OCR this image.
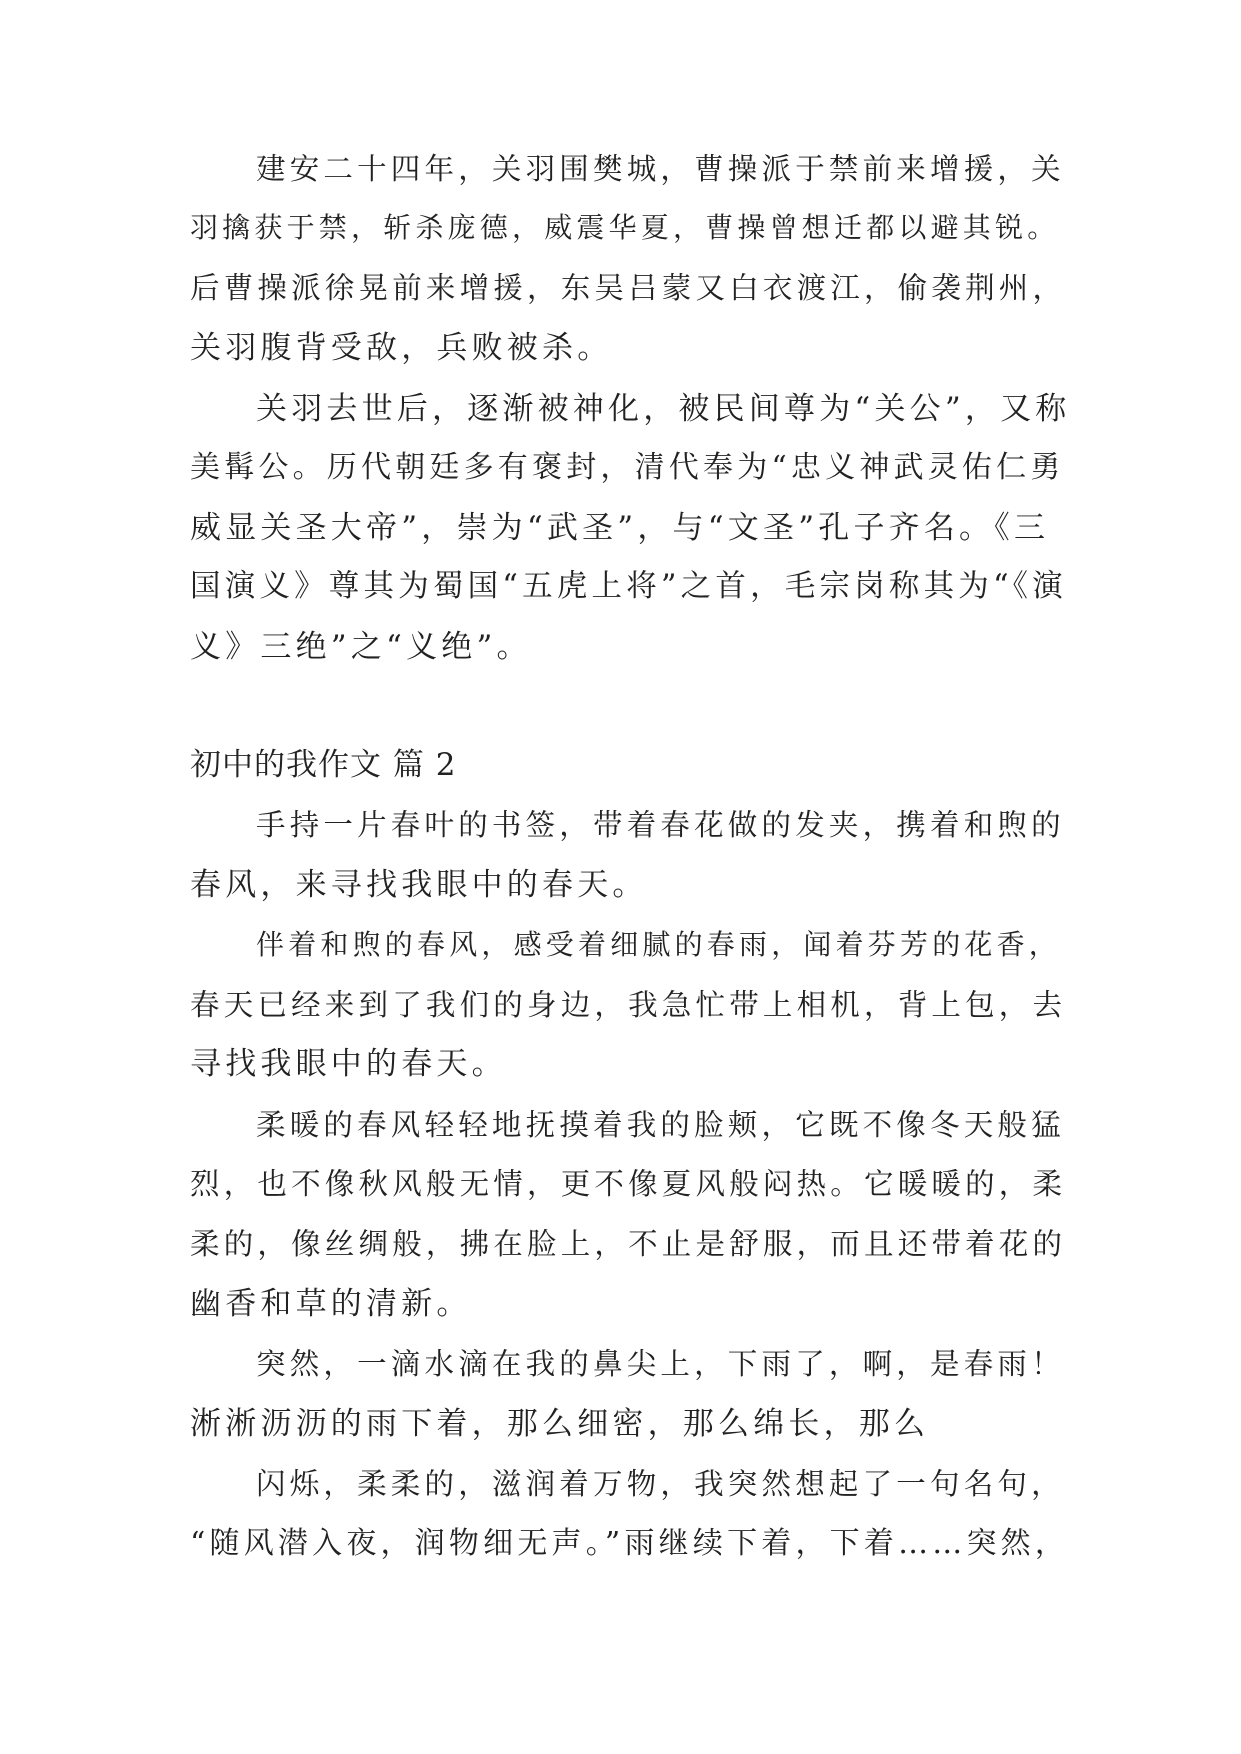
建安二十四年，关羽围樊城，曹操派于禁前来增援，关

羽擒获于禁，斩杀庞德，威震华夏，曹操曾想迁都以避其锐。

后曹操派徐晃前来增援，东吴吕蒙又白衣渡江，偷袭荆州，

关羽腹背受敌，兵败被杀。

关羽去世后，逐渐被神化，被民间尊为“关公”，又称

美髯公。历代朝廷多有褒封，清代奉为“忠义神武灵佑仁勇

威显关圣大帝”，崇为“武圣”，与“文圣”孔子齐名。《三

国演义》尊其为蜀国“五虎上将”之首，毛宗岗称其为“《演

义》三绝”之“义绝”。

初中的我作文 篇 2

手持一片春叶的书签，带着春花做的发夹，携着和煦的

春风，来寻找我眼中的春天。

伴着和煦的春风，感受着细腻的春雨，闻着芬芳的花香，

春天已经来到了我们的身边，我急忙带上相机，背上包，去

寻找我眼中的春天。

柔暖的春风轻轻地抚摸着我的脸颊，它既不像冬天般猛

烈，也不像秋风般无情，更不像夏风般闷热。它暖暖的，柔

柔的，像丝绸般，拂在脸上，不止是舒服，而且还带着花的

幽香和草的清新。

突然，一滴水滴在我的鼻尖上，下雨了，啊，是春雨！

淅淅沥沥的雨下着，那么细密，那么绵长，那么

闪烁，柔柔的，滋润着万物，我突然想起了一句名句，

“随风潜入夜，润物细无声。”雨继续下着，下着……突然，
